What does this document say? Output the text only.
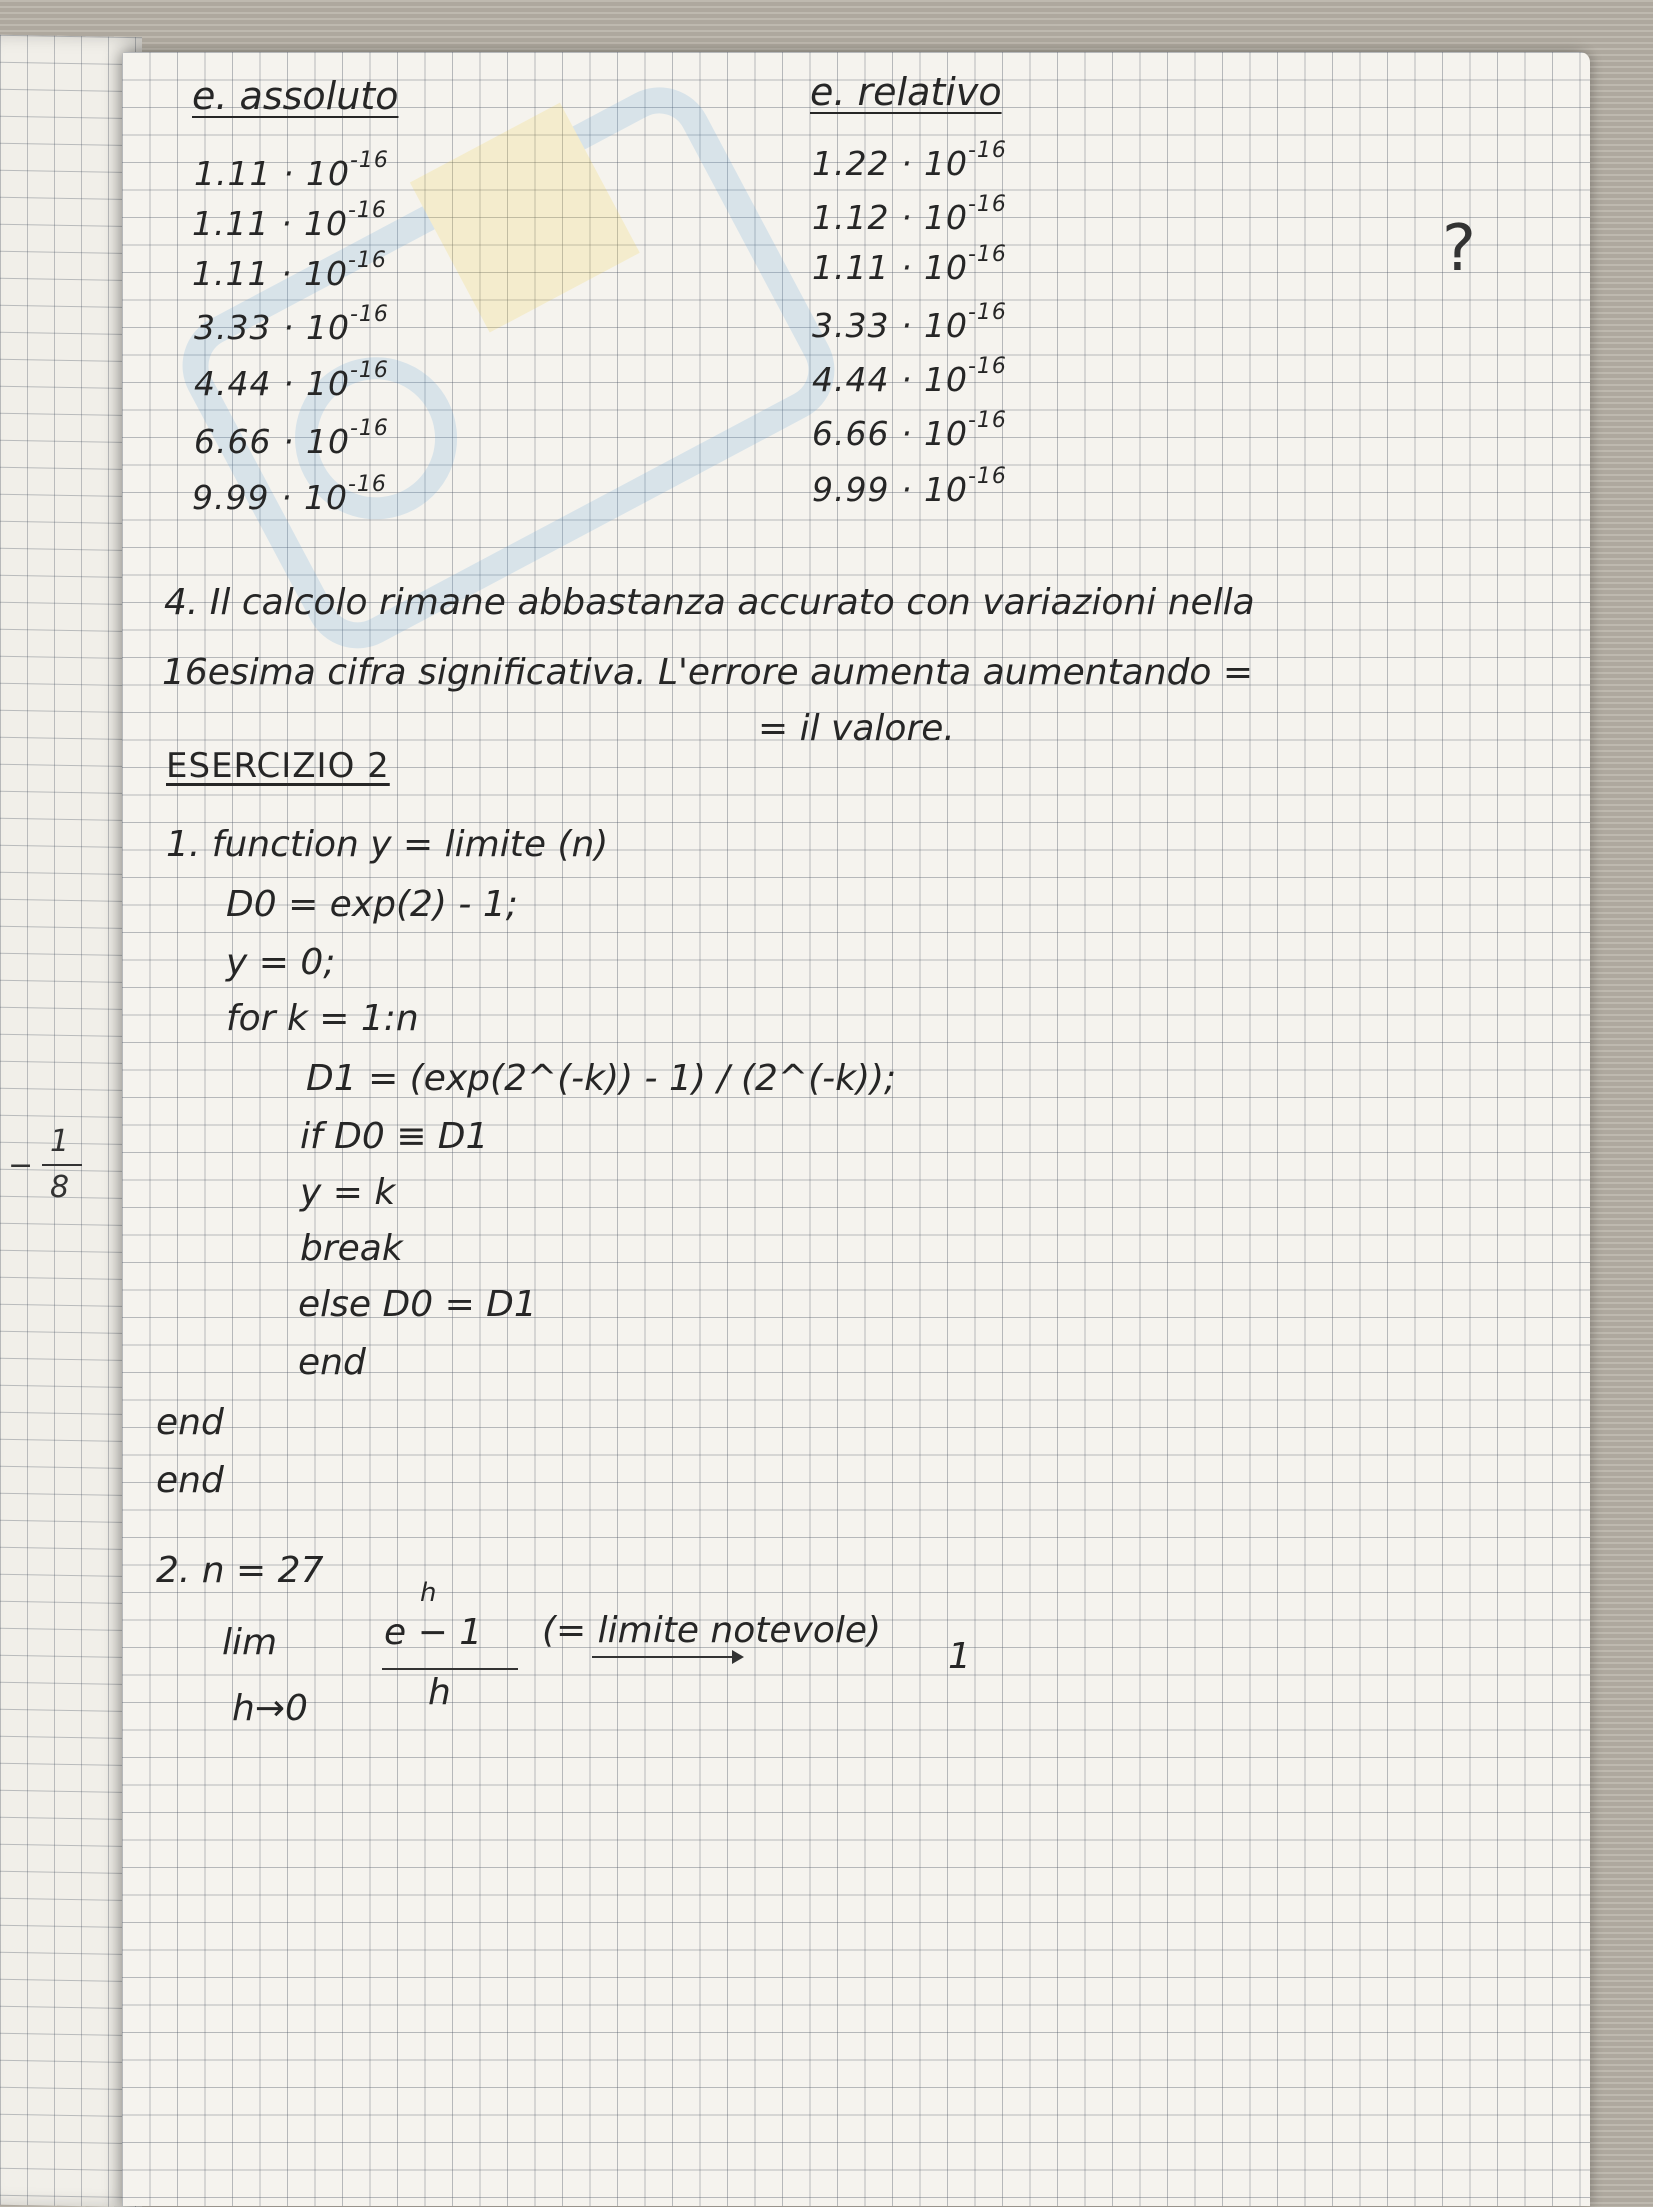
e. assoluto
$1.11 \cdot 10^{-16}$
$1.11 \cdot 10^{-16}$
$1.11 \cdot 10^{-16}$
$3.33 \cdot 10^{-16}$
$4.44 \cdot 10^{-16}$
$6.66 \cdot 10^{-16}$
$9.99 \cdot 10^{-16}$
e. relativo
$1.22 \cdot 10^{-16}$
$1.12 \cdot 10^{-16}$
$1.11 \cdot 10^{-16}$
$3.33 \cdot 10^{-16}$
$4.44 \cdot 10^{-16}$
$6.66 \cdot 10^{-16}$
$9.99 \cdot 10^{-16}$
?
4. Il calcolo rimane abbastanza accurato con variazioni nella
16esima cifra significativa. L'errore aumenta aumentando =
= il valore.
ESERCIZIO 2
1. function y = limite (n)
D0 = exp(2) - 1;
y = 0;
for k = 1:n
D1 = (exp(2^(-k)) - 1) / (2^(-k));
if D0 ≡ D1
y = k
break
else D0 = D1
end
end
end
2. n = 27
lim
h→0
e − 1
h
h
(= limite notevole)
1
−
1
8
